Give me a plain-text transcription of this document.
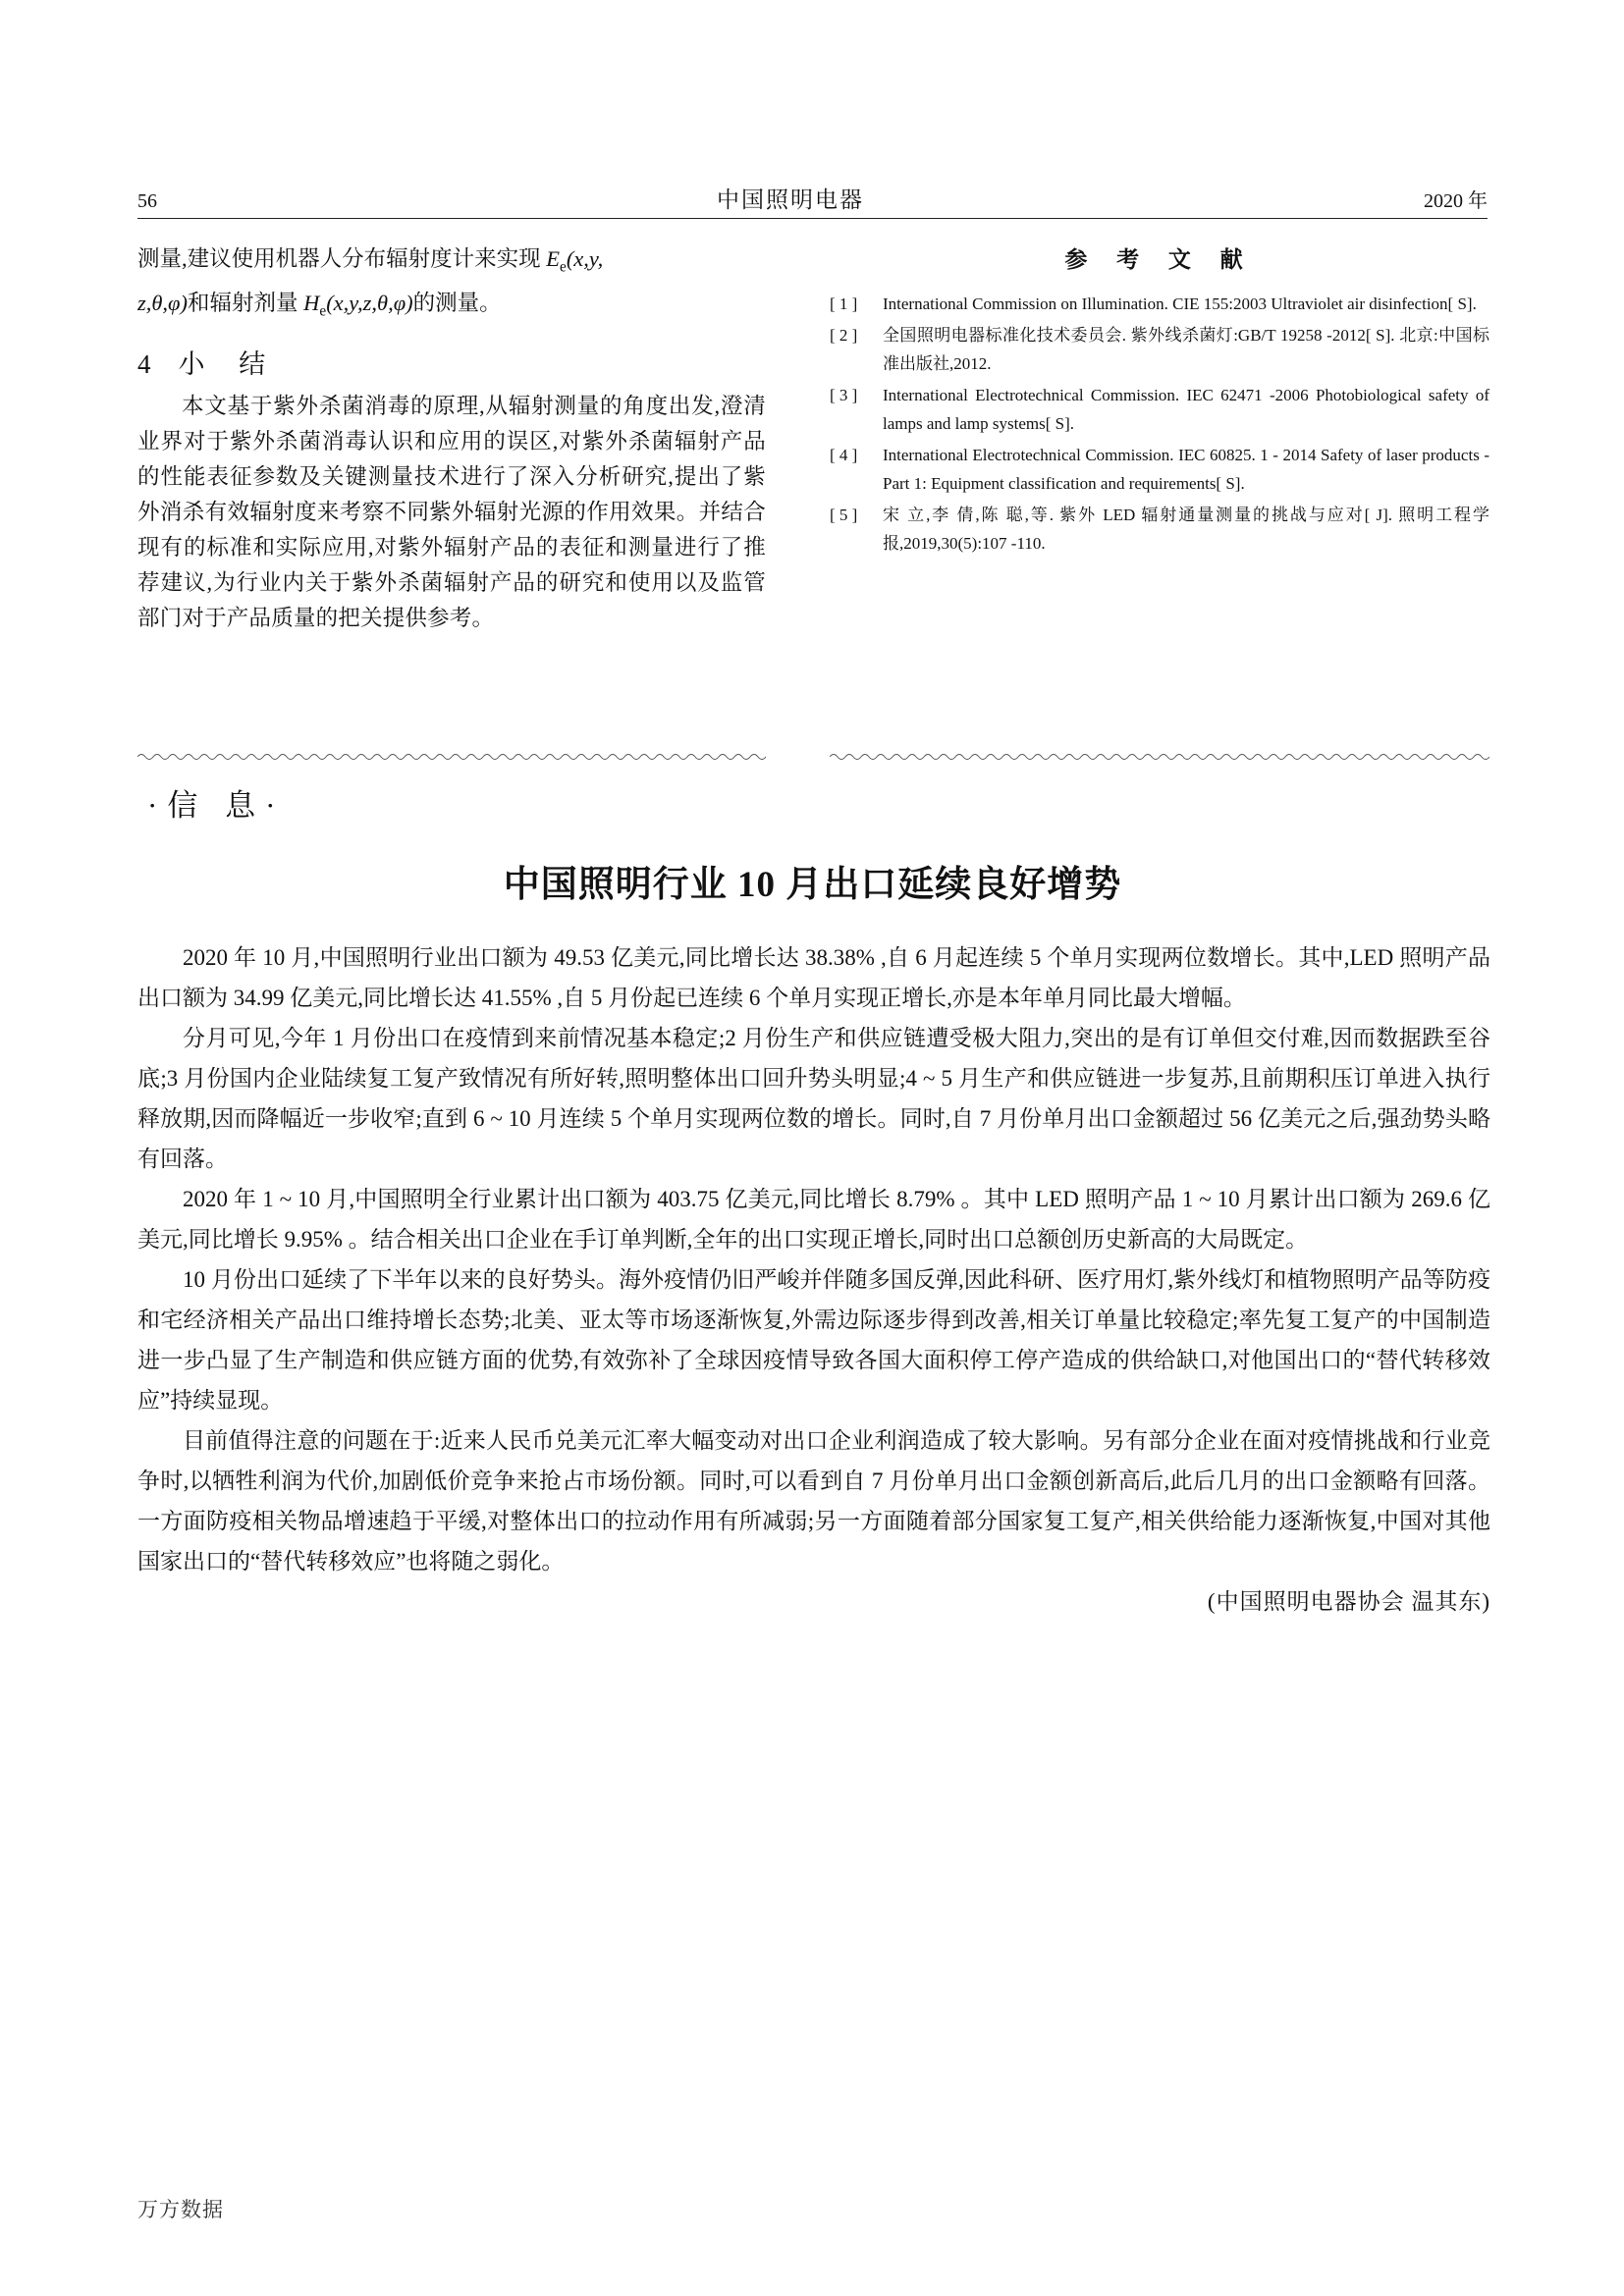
56	中国照明电器	2020 年
测量,建议使用机器人分布辐射度计来实现 $E_e(x,y$,
z,θ,φ)和辐射剂量 $H_e(x,y,z,\theta,\varphi)$的测量。
4 小 结

本文基于紫外杀菌消毒的原理,从辐射测量的角度出发,澄清业界对于紫外杀菌消毒认识和应用的误区,对紫外杀菌辐射产品的性能表征参数及关键测量技术进行了深入分析研究,提出了紫外消杀有效辐射度来考察不同紫外辐射光源的作用效果。并结合现有的标准和实际应用,对紫外辐射产品的表征和测量进行了推荐建议,为行业内关于紫外杀菌辐射产品的研究和使用以及监管部门对于产品质量的把关提供参考。

参 考 文 献
[ 1 ]	International Commission on Illumination. CIE 155:2003 Ultraviolet air disinfection[ S].
[ 2 ]	全国照明电器标准化技术委员会. 紫外线杀菌灯:GB/T 19258 -2012[ S]. 北京:中国标准出版社,2012.
[ 3 ]	International Electrotechnical Commission. IEC 62471 -2006 Photobiological safety of lamps and lamp systems[ S].
[ 4 ]	International Electrotechnical Commission. IEC 60825. 1 - 2014 Safety of laser products - Part 1: Equipment classification and requirements[ S].
[ 5 ]	宋 立,李 倩,陈 聪,等. 紫外 LED 辐射通量测量的挑战与应对[ J]. 照明工程学报,2019,30(5):107 -110.
·信 息·
中国照明行业 10 月出口延续良好增势

2020 年 10 月,中国照明行业出口额为 49.53 亿美元,同比增长达 38.38% ,自 6 月起连续 5 个单月实现两位数增长。其中,LED 照明产品出口额为 34.99 亿美元,同比增长达 41.55% ,自 5 月份起已连续 6 个单月实现正增长,亦是本年单月同比最大增幅。

分月可见,今年 1 月份出口在疫情到来前情况基本稳定;2 月份生产和供应链遭受极大阻力,突出的是有订单但交付难,因而数据跌至谷底;3 月份国内企业陆续复工复产致情况有所好转,照明整体出口回升势头明显;4 ~ 5 月生产和供应链进一步复苏,且前期积压订单进入执行释放期,因而降幅近一步收窄;直到 6 ~ 10 月连续 5 个单月实现两位数的增长。同时,自 7 月份单月出口金额超过 56 亿美元之后,强劲势头略有回落。

2020 年 1 ~ 10 月,中国照明全行业累计出口额为 403.75 亿美元,同比增长 8.79% 。其中 LED 照明产品 1 ~ 10 月累计出口额为 269.6 亿美元,同比增长 9.95% 。结合相关出口企业在手订单判断,全年的出口实现正增长,同时出口总额创历史新高的大局既定。

10 月份出口延续了下半年以来的良好势头。海外疫情仍旧严峻并伴随多国反弹,因此科研、医疗用灯,紫外线灯和植物照明产品等防疫和宅经济相关产品出口维持增长态势;北美、亚太等市场逐渐恢复,外需边际逐步得到改善,相关订单量比较稳定;率先复工复产的中国制造进一步凸显了生产制造和供应链方面的优势,有效弥补了全球因疫情导致各国大面积停工停产造成的供给缺口,对他国出口的“替代转移效应”持续显现。

目前值得注意的问题在于:近来人民币兑美元汇率大幅变动对出口企业利润造成了较大影响。另有部分企业在面对疫情挑战和行业竞争时,以牺牲利润为代价,加剧低价竞争来抢占市场份额。同时,可以看到自 7 月份单月出口金额创新高后,此后几月的出口金额略有回落。一方面防疫相关物品增速趋于平缓,对整体出口的拉动作用有所减弱;另一方面随着部分国家复工复产,相关供给能力逐渐恢复,中国对其他国家出口的“替代转移效应”也将随之弱化。

(中国照明电器协会 温其东)

万方数据
